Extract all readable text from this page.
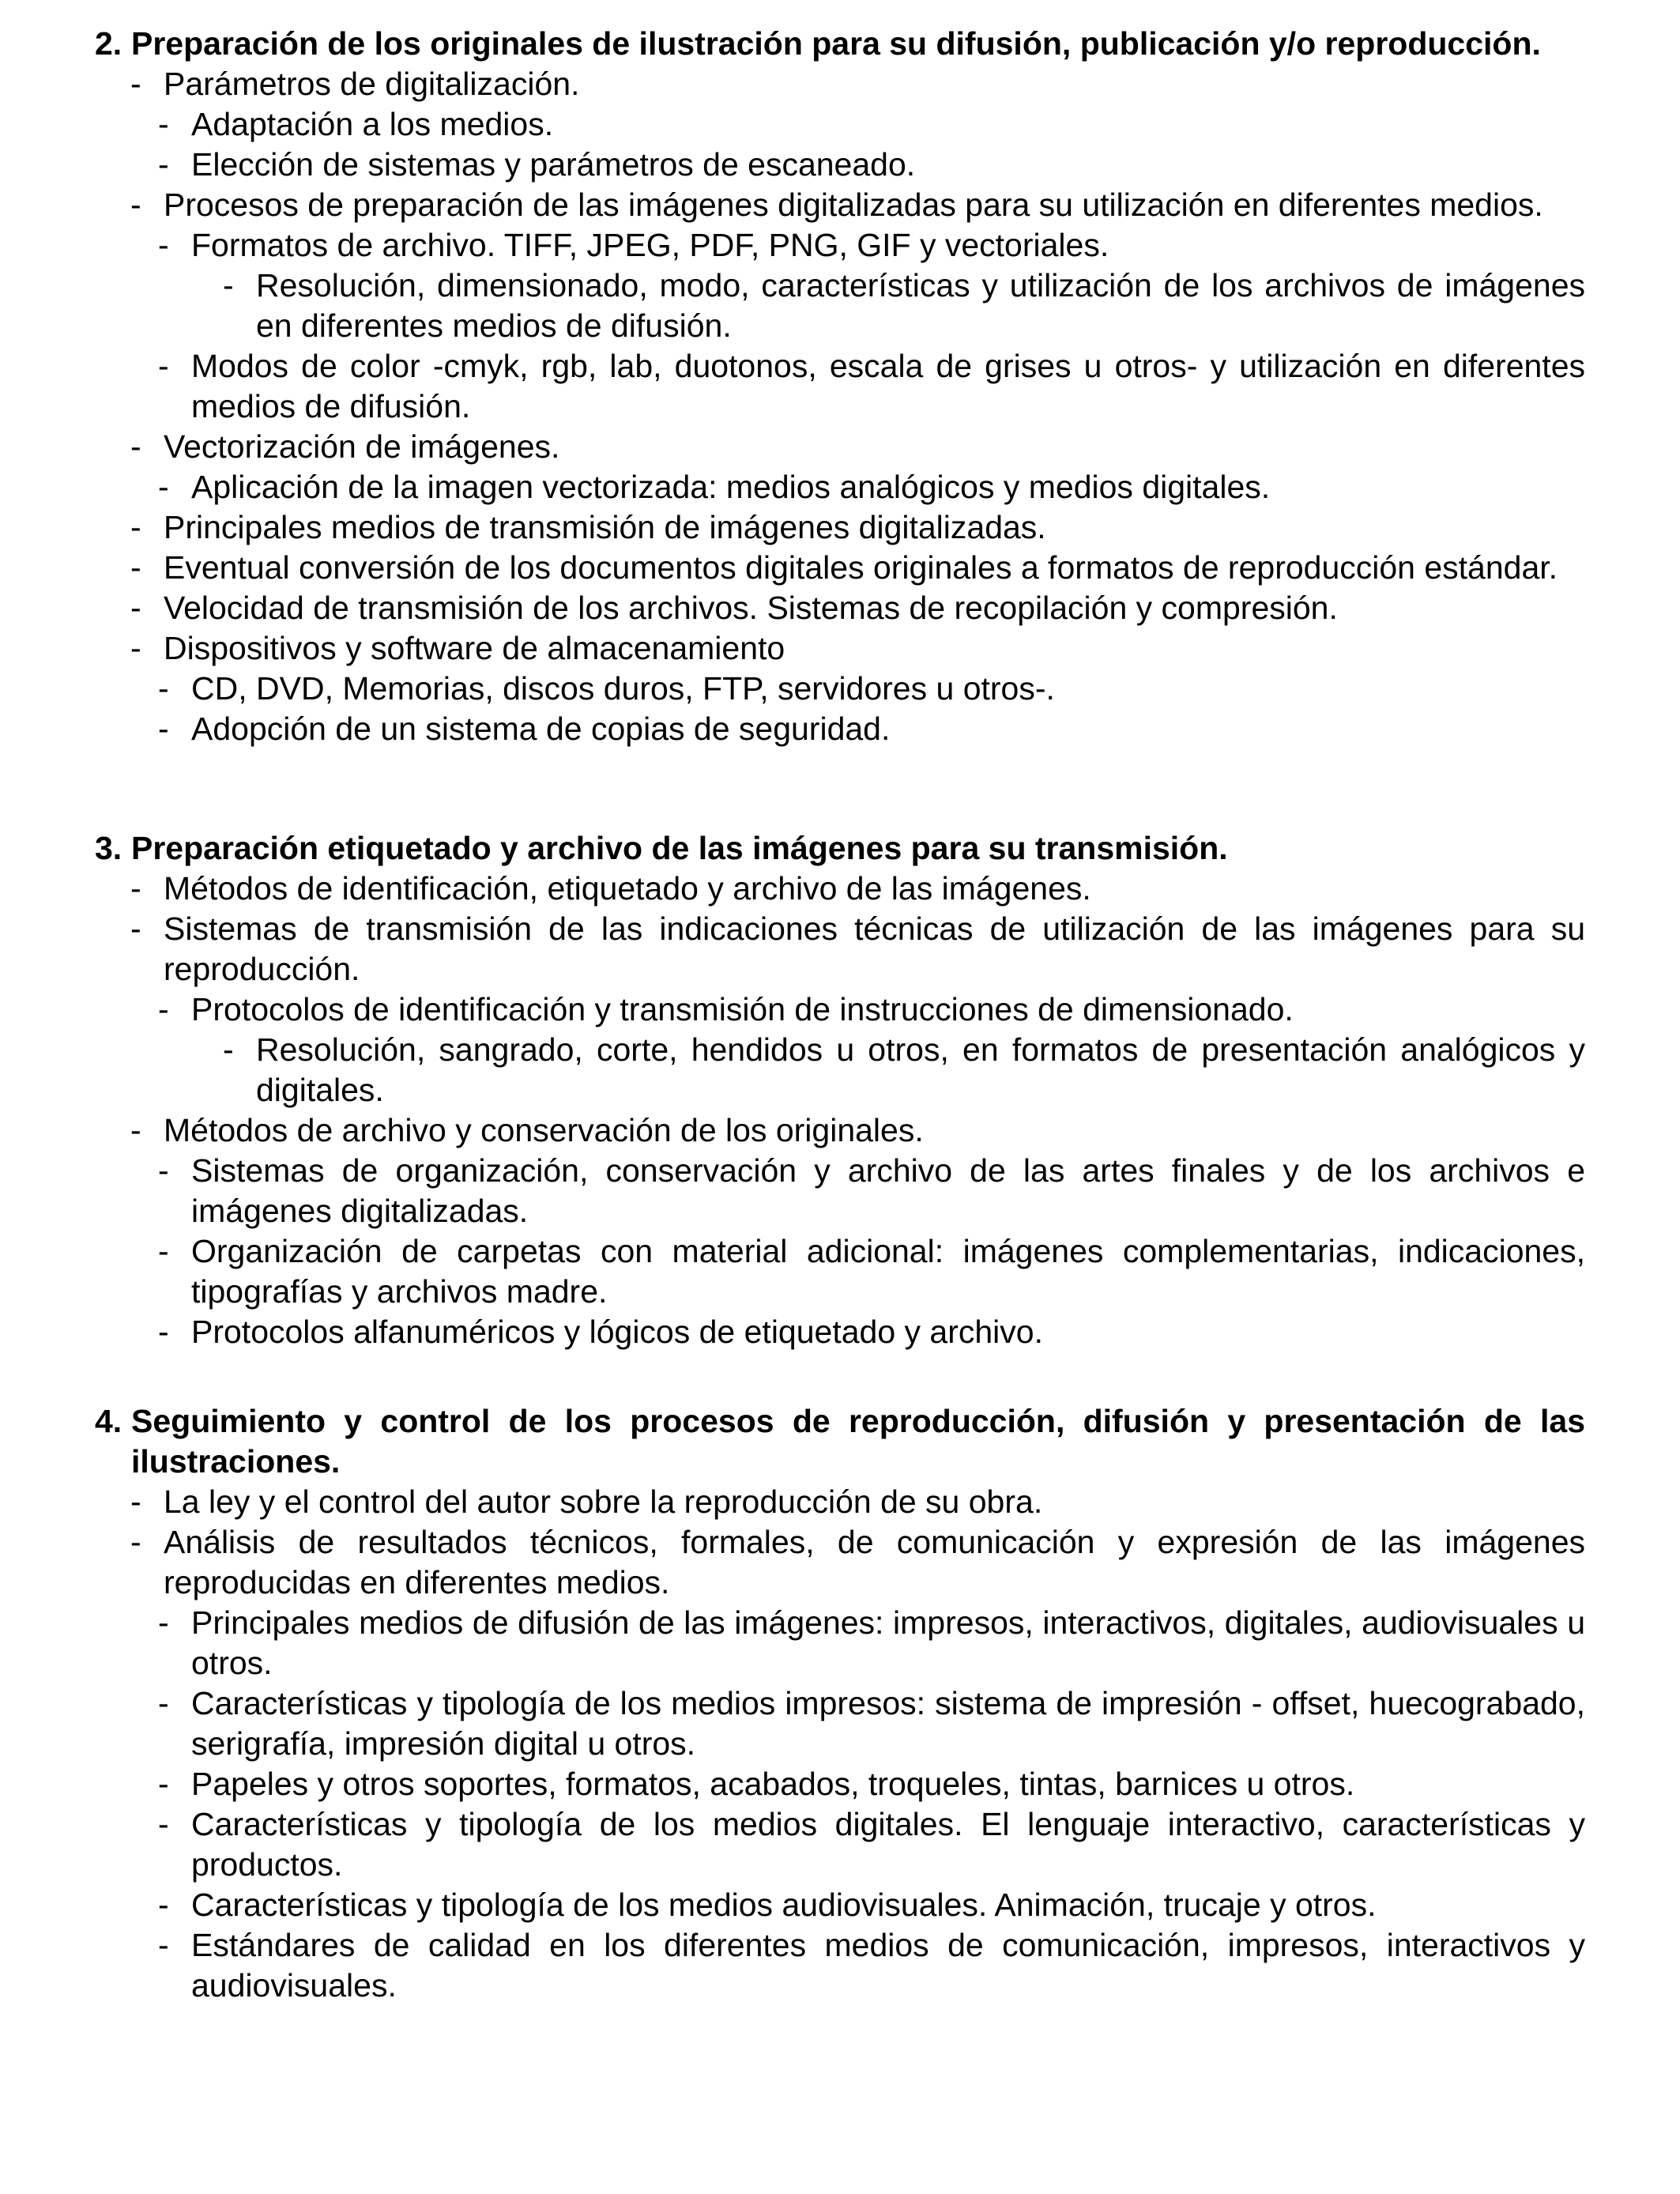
2. Preparación de los originales de ilustración para su difusión, publicación y/o reproducción.
- Parámetros de digitalización.
- Adaptación a los medios.
- Elección de sistemas y parámetros de escaneado.
- Procesos de preparación de las imágenes digitalizadas para su utilización en diferentes medios.
- Formatos de archivo. TIFF, JPEG, PDF, PNG, GIF y vectoriales.
- Resolución, dimensionado, modo, características y utilización de los archivos de imágenes en diferentes medios de difusión.
- Modos de color -cmyk, rgb, lab, duotonos, escala de grises u otros- y utilización en diferentes medios de difusión.
- Vectorización de imágenes.
- Aplicación de la imagen vectorizada: medios analógicos y medios digitales.
- Principales medios de transmisión de imágenes digitalizadas.
- Eventual conversión de los documentos digitales originales a formatos de reproducción estándar.
- Velocidad de transmisión de los archivos. Sistemas de recopilación y compresión.
- Dispositivos y software de almacenamiento
- CD, DVD, Memorias, discos duros, FTP, servidores u otros-.
- Adopción de un sistema de copias de seguridad.
3. Preparación etiquetado y archivo de las imágenes para su transmisión.
- Métodos de identificación, etiquetado y archivo de las imágenes.
- Sistemas de transmisión de las indicaciones técnicas de utilización de las imágenes para su reproducción.
- Protocolos de identificación y transmisión de instrucciones de dimensionado.
- Resolución, sangrado, corte, hendidos u otros, en formatos de presentación analógicos y digitales.
- Métodos de archivo y conservación de los originales.
- Sistemas de organización, conservación y archivo de las artes finales y de los archivos e imágenes digitalizadas.
- Organización de carpetas con material adicional: imágenes complementarias, indicaciones, tipografías y archivos madre.
- Protocolos alfanuméricos y lógicos de etiquetado y archivo.
4. Seguimiento y control de los procesos de reproducción, difusión y presentación de las ilustraciones.
- La ley y el control del autor sobre la reproducción de su obra.
- Análisis de resultados técnicos, formales, de comunicación y expresión de las imágenes reproducidas en diferentes medios.
- Principales medios de difusión de las imágenes: impresos, interactivos, digitales, audiovisuales u otros.
- Características y tipología de los medios impresos: sistema de impresión - offset, huecograbado, serigrafía, impresión digital u otros.
- Papeles y otros soportes, formatos, acabados, troqueles, tintas, barnices u otros.
- Características y tipología de los medios digitales. El lenguaje interactivo, características y productos.
- Características y tipología de los medios audiovisuales. Animación, trucaje y otros.
- Estándares de calidad en los diferentes medios de comunicación, impresos, interactivos y audiovisuales.
